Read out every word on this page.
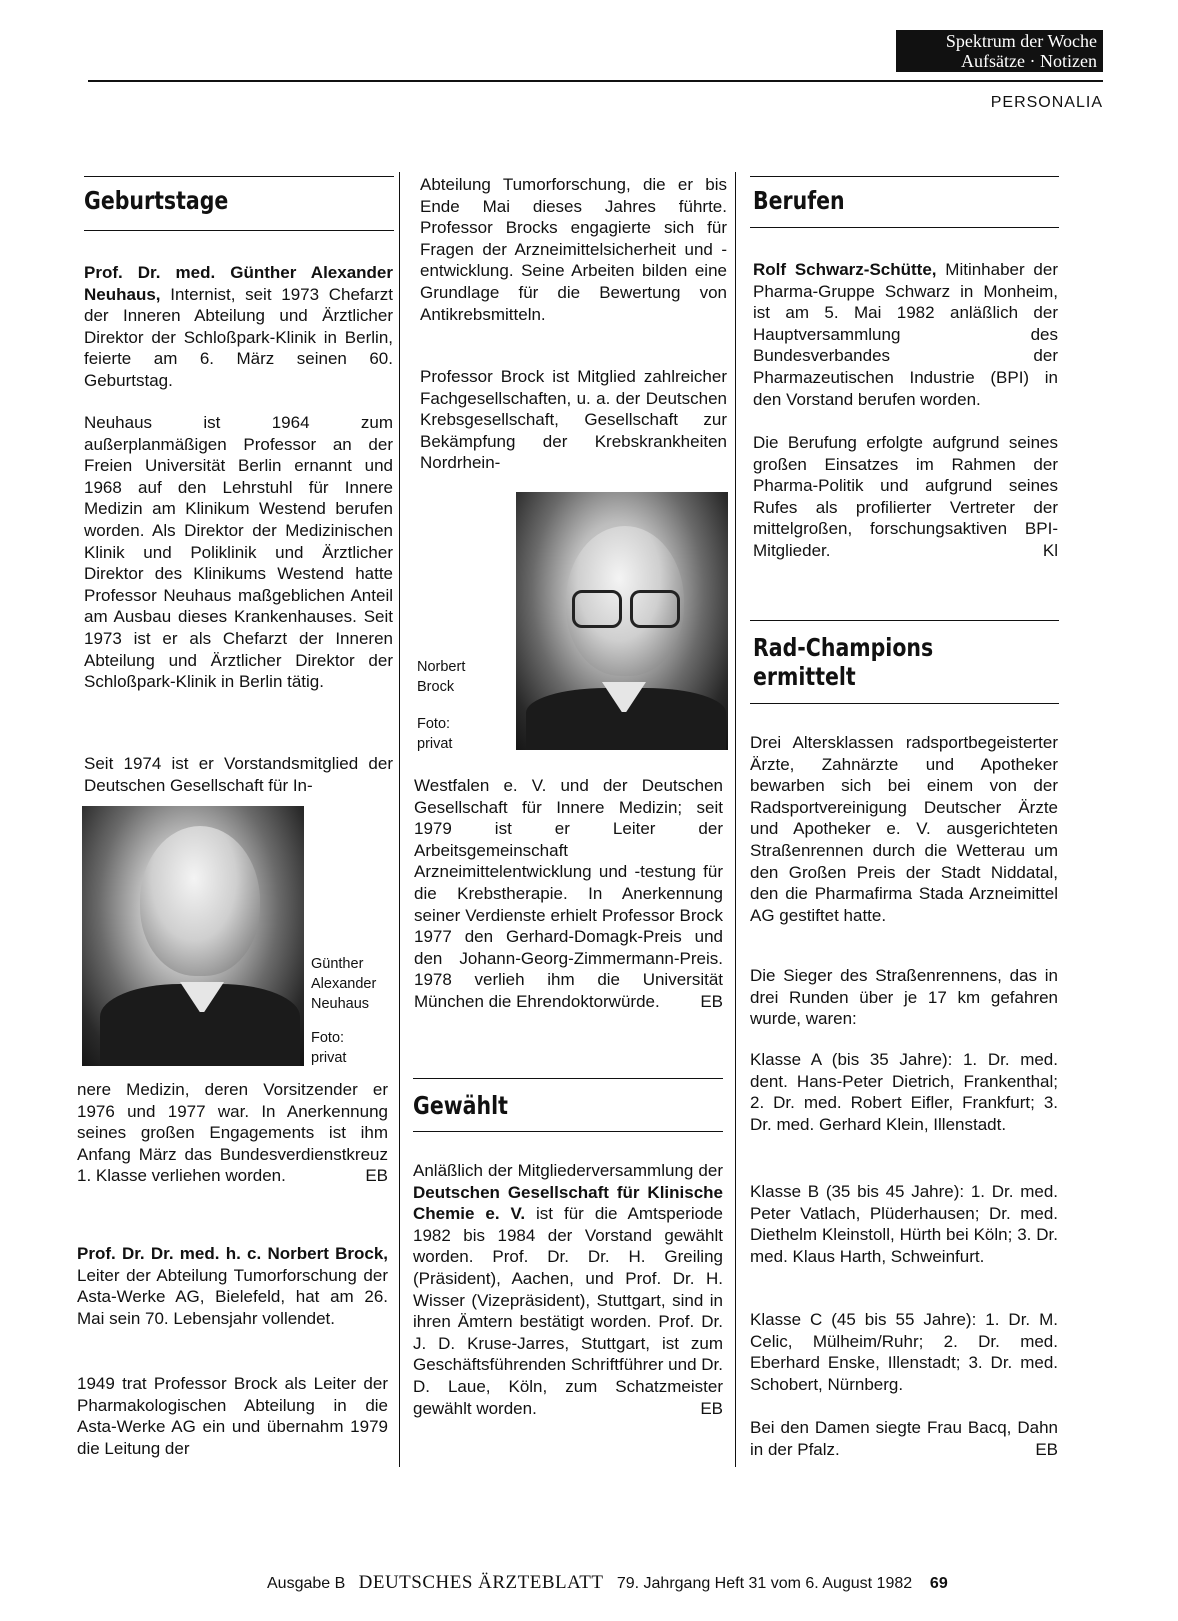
Spektrum der Woche
Aufsätze · Notizen
PERSONALIA
Geburtstage
Prof. Dr. med. Günther Alexander Neuhaus, Internist, seit 1973 Chefarzt der Inneren Abteilung und Ärztlicher Direktor der Schloßpark-Klinik in Berlin, feierte am 6. März seinen 60. Geburtstag.
Neuhaus ist 1964 zum außerplanmäßigen Professor an der Freien Universität Berlin ernannt und 1968 auf den Lehrstuhl für Innere Medizin am Klinikum Westend berufen worden. Als Direktor der Medizinischen Klinik und Poliklinik und Ärztlicher Direktor des Klinikums Westend hatte Professor Neuhaus maßgeblichen Anteil am Ausbau dieses Krankenhauses. Seit 1973 ist er als Chefarzt der Inneren Abteilung und Ärztlicher Direktor der Schloßpark-Klinik in Berlin tätig.
Seit 1974 ist er Vorstandsmitglied der Deutschen Gesellschaft für In-
Günther Alexander Neuhaus
Foto: privat
nere Medizin, deren Vorsitzender er 1976 und 1977 war. In Anerkennung seines großen Engagements ist ihm Anfang März das Bundesverdienstkreuz 1. Klasse verliehen worden.	EB
Prof. Dr. Dr. med. h. c. Norbert Brock, Leiter der Abteilung Tumorforschung der Asta-Werke AG, Bielefeld, hat am 26. Mai sein 70. Lebensjahr vollendet.
1949 trat Professor Brock als Leiter der Pharmakologischen Abteilung in die Asta-Werke AG ein und übernahm 1979 die Leitung der
Abteilung Tumorforschung, die er bis Ende Mai dieses Jahres führte. Professor Brocks engagierte sich für Fragen der Arzneimittelsicherheit und -entwicklung. Seine Arbeiten bilden eine Grundlage für die Bewertung von Antikrebsmitteln.
Professor Brock ist Mitglied zahlreicher Fachgesellschaften, u. a. der Deutschen Krebsgesellschaft, Gesellschaft zur Bekämpfung der Krebskrankheiten Nordrhein-
Norbert Brock
Foto: privat
Westfalen e. V. und der Deutschen Gesellschaft für Innere Medizin; seit 1979 ist er Leiter der Arbeitsgemeinschaft Arzneimittelentwicklung und -testung für die Krebstherapie. In Anerkennung seiner Verdienste erhielt Professor Brock 1977 den Gerhard-Domagk-Preis und den Johann-Georg-Zimmermann-Preis. 1978 verlieh ihm die Universität München die Ehrendoktorwürde. EB
Gewählt
Anläßlich der Mitgliederversammlung der Deutschen Gesellschaft für Klinische Chemie e. V. ist für die Amtsperiode 1982 bis 1984 der Vorstand gewählt worden. Prof. Dr. Dr. H. Greiling (Präsident), Aachen, und Prof. Dr. H. Wisser (Vizepräsident), Stuttgart, sind in ihren Ämtern bestätigt worden. Prof. Dr. J. D. Kruse-Jarres, Stuttgart, ist zum Geschäftsführenden Schriftführer und Dr. D. Laue, Köln, zum Schatzmeister gewählt worden.	EB
Berufen
Rolf Schwarz-Schütte, Mitinhaber der Pharma-Gruppe Schwarz in Monheim, ist am 5. Mai 1982 anläßlich der Hauptversammlung des Bundesverbandes der Pharmazeutischen Industrie (BPI) in den Vorstand berufen worden.
Die Berufung erfolgte aufgrund seines großen Einsatzes im Rahmen der Pharma-Politik und aufgrund seines Rufes als profilierter Vertreter der mittelgroßen, forschungsaktiven BPI-Mitglieder.	Kl
Rad-Champions
ermittelt
Drei Altersklassen radsportbegeisterter Ärzte, Zahnärzte und Apotheker bewarben sich bei einem von der Radsportvereinigung Deutscher Ärzte und Apotheker e. V. ausgerichteten Straßenrennen durch die Wetterau um den Großen Preis der Stadt Niddatal, den die Pharmafirma Stada Arzneimittel AG gestiftet hatte.
Die Sieger des Straßenrennens, das in drei Runden über je 17 km gefahren wurde, waren:
Klasse A (bis 35 Jahre): 1. Dr. med. dent. Hans-Peter Dietrich, Frankenthal; 2. Dr. med. Robert Eifler, Frankfurt; 3. Dr. med. Gerhard Klein, Illenstadt.
Klasse B (35 bis 45 Jahre): 1. Dr. med. Peter Vatlach, Plüderhausen; Dr. med. Diethelm Kleinstoll, Hürth bei Köln; 3. Dr. med. Klaus Harth, Schweinfurt.
Klasse C (45 bis 55 Jahre): 1. Dr. M. Celic, Mülheim/Ruhr; 2. Dr. med. Eberhard Enske, Illenstadt; 3. Dr. med. Schobert, Nürnberg.
Bei den Damen siegte Frau Bacq, Dahn in der Pfalz.	EB
Ausgabe B DEUTSCHES ÄRZTEBLATT 79. Jahrgang Heft 31 vom 6. August 1982 69
